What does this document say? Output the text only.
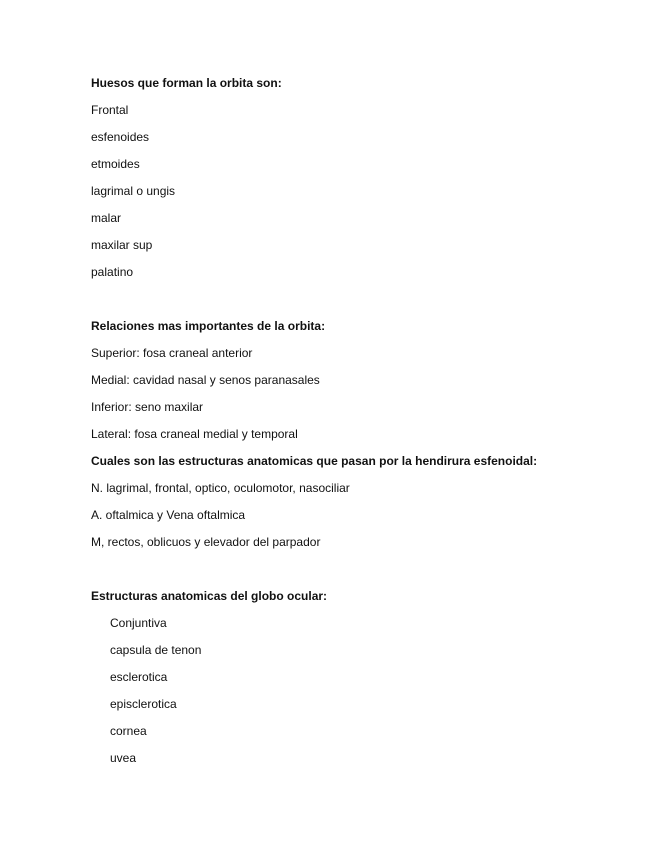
Huesos que forman la orbita son:
Frontal
esfenoides
etmoides
lagrimal o ungis
malar
maxilar sup
palatino
Relaciones mas importantes de la orbita:
Superior: fosa craneal anterior
Medial: cavidad nasal y senos paranasales
Inferior: seno maxilar
Lateral: fosa craneal medial y temporal
Cuales son las estructuras anatomicas que pasan por la hendirura esfenoidal:
N. lagrimal, frontal, optico, oculomotor, nasociliar
A. oftalmica y Vena oftalmica
M, rectos, oblicuos y elevador del parpador
Estructuras anatomicas del globo ocular:
Conjuntiva
capsula de tenon
esclerotica
episclerotica
cornea
uvea
